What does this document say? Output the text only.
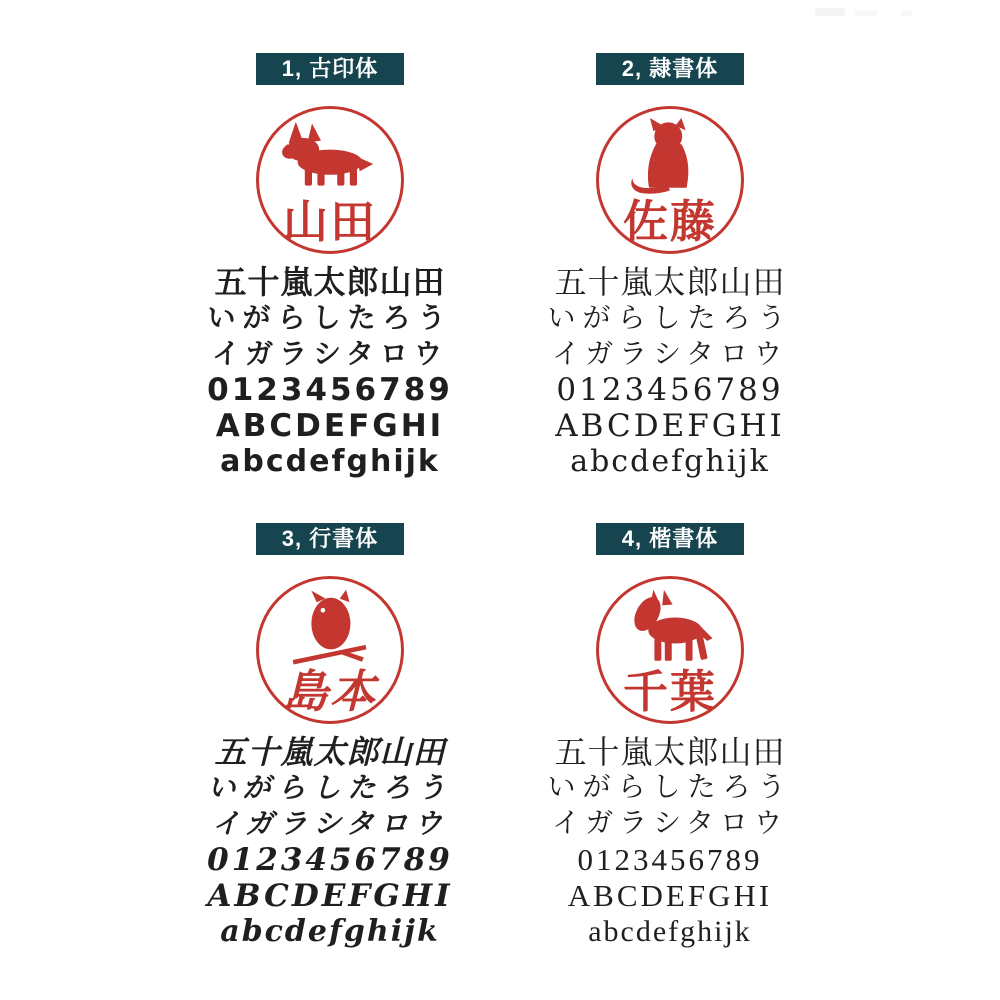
1, 古印体
山田
五十嵐太郎山田
いがらしたろう
イガラシタロウ
0123456789
ABCDEFGHI
abcdefghijk
2, 隷書体
佐藤
五十嵐太郎山田
いがらしたろう
イガラシタロウ
0123456789
ABCDEFGHI
abcdefghijk
3, 行書体
島本
五十嵐太郎山田
いがらしたろう
イガラシタロウ
0123456789
ABCDEFGHI
abcdefghijk
4, 楷書体
千葉
五十嵐太郎山田
いがらしたろう
イガラシタロウ
0123456789
ABCDEFGHI
abcdefghijk
